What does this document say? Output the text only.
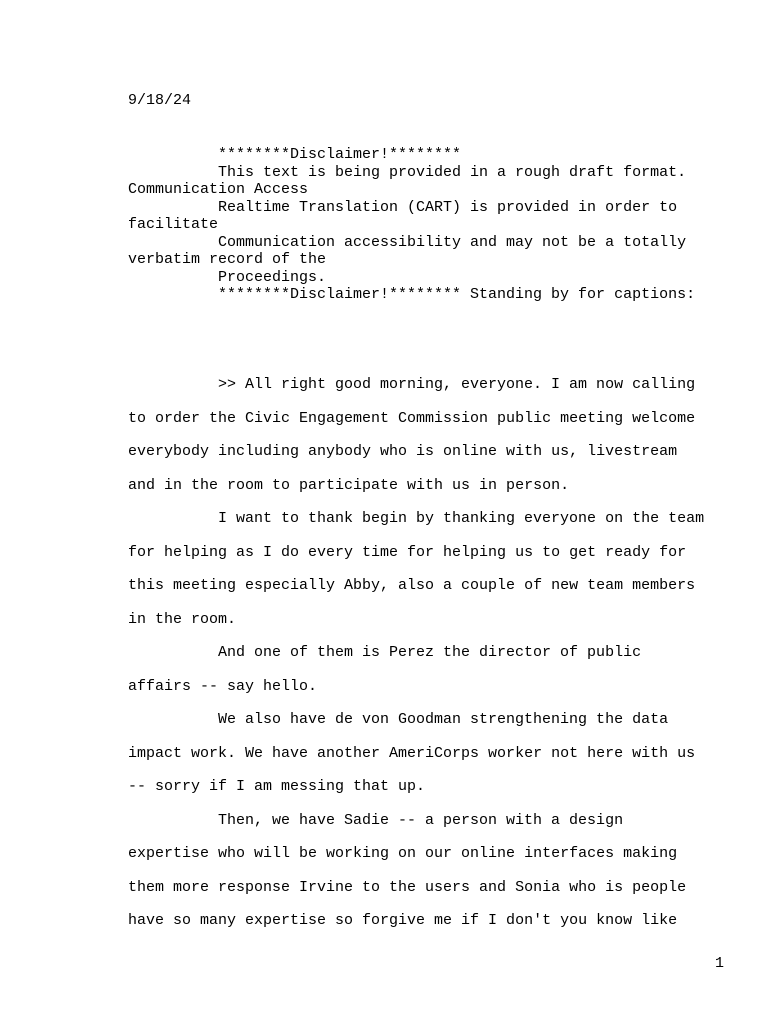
9/18/24

********Disclaimer!********

This text is being provided in a rough draft format. Communication Access

Realtime Translation (CART) is provided in order to facilitate

Communication accessibility and may not be a totally verbatim record of the

Proceedings.

********Disclaimer!******** Standing by for captions:

>> All right good morning, everyone. I am now calling to order the Civic Engagement Commission public meeting welcome everybody including anybody who is online with us, livestream and in the room to participate with us in person.

I want to thank begin by thanking everyone on the team for helping as I do every time for helping us to get ready for this meeting especially Abby, also a couple of new team members in the room.

And one of them is Perez the director of public affairs -- say hello.

We also have de von Goodman strengthening the data impact work. We have another AmeriCorps worker not here with us -- sorry if I am messing that up.

Then, we have Sadie -- a person with a design expertise who will be working on our online interfaces making them more response Irvine to the users and Sonia who is people have so many expertise so forgive me if I don't you know like

1
